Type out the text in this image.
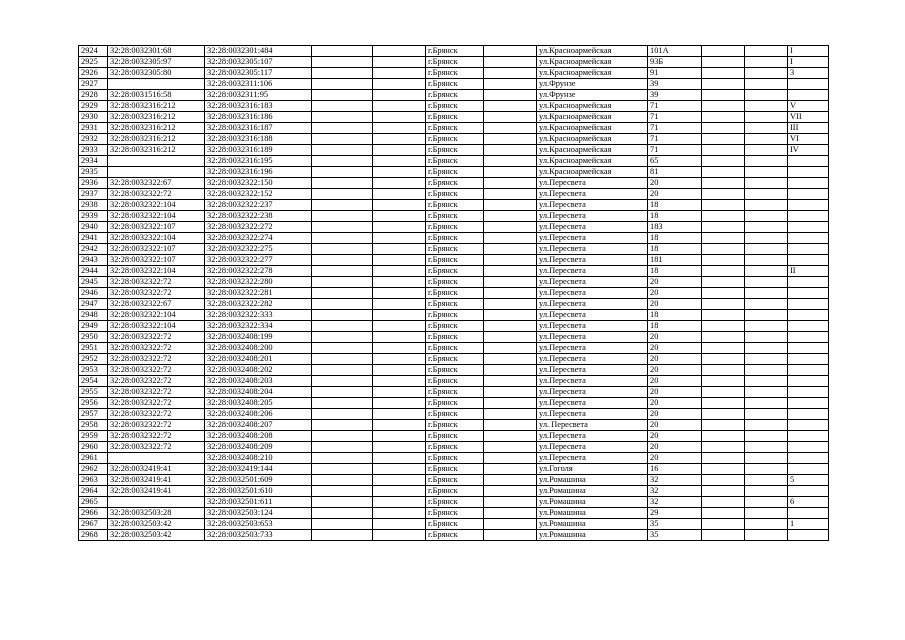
2924	32:28:0032301:68	32:28:0032301:484			г.Брянск		ул.Красноармейская	101А			I
2925	32:28:0032305:97	32:28:0032305:107			г.Брянск		ул.Красноармейская	93Б			I
2926	32:28:0032305:80	32:28:0032305:117			г.Брянск		ул.Красноармейская	91			3
2927		32:28:0032311:106			г.Брянск		ул.Фрунзе	39			
2928	32:28:0031516:58	32:28:0032311:95			г.Брянск		ул.Фрунзе	39			
2929	32:28:0032316:212	32:28:0032316:183			г.Брянск		ул.Красноармейская	71			V
2930	32:28:0032316:212	32:28:0032316:186			г.Брянск		ул.Красноармейская	71			VII
2931	32:28:0032316:212	32:28:0032316:187			г.Брянск		ул.Красноармейская	71			III
2932	32:28:0032316:212	32:28:0032316:188			г.Брянск		ул.Красноармейская	71			VI
2933	32:28:0032316:212	32:28:0032316:189			г.Брянск		ул.Красноармейская	71			IV
2934		32:28:0032316:195			г.Брянск		ул.Красноармейская	65			
2935		32:28:0032316:196			г.Брянск		ул.Красноармейская	81			
2936	32:28:0032322:67	32:28:0032322:150			г.Брянск		ул.Пересвета	20			
2937	32:28:0032322:72	32:28:0032322:152			г.Брянск		ул.Пересвета	20			
2938	32:28:0032322:104	32:28:0032322:237			г.Брянск		ул.Пересвета	18			
2939	32:28:0032322:104	32:28:0032322:238			г.Брянск		ул.Пересвета	18			
2940	32:28:0032322:107	32:28:0032322:272			г.Брянск		ул.Пересвета	183			
2941	32:28:0032322:104	32:28:0032322:274			г.Брянск		ул.Пересвета	18			
2942	32:28:0032322:107	32:28:0032322:275			г.Брянск		ул.Пересвета	18			
2943	32:28:0032322:107	32:28:0032322:277			г.Брянск		ул.Пересвета	181			
2944	32:28:0032322:104	32:28:0032322:278			г.Брянск		ул.Пересвета	18			II
2945	32:28:0032322:72	32:28:0032322:280			г.Брянск		ул.Пересвета	20			
2946	32:28:0032322:72	32:28:0032322:281			г.Брянск		ул.Пересвета	20			
2947	32:28:0032322:67	32:28:0032322:282			г.Брянск		ул.Пересвета	20			
2948	32:28:0032322:104	32:28:0032322:333			г.Брянск		ул.Пересвета	18			
2949	32:28:0032322:104	32:28:0032322:334			г.Брянск		ул.Пересвета	18			
2950	32:28:0032322:72	32:28:0032408:199			г.Брянск		ул.Пересвета	20			
2951	32:28:0032322:72	32:28:0032408:200			г.Брянск		ул.Пересвета	20			
2952	32:28:0032322:72	32:28:0032408:201			г.Брянск		ул.Пересвета	20			
2953	32:28:0032322:72	32:28:0032408:202			г.Брянск		ул.Пересвета	20			
2954	32:28:0032322:72	32:28:0032408:203			г.Брянск		ул.Пересвета	20			
2955	32:28:0032322:72	32:28:0032408:204			г.Брянск		ул.Пересвета	20			
2956	32:28:0032322:72	32:28:0032408:205			г.Брянск		ул.Пересвета	20			
2957	32:28:0032322:72	32:28:0032408:206			г.Брянск		ул.Пересвета	20			
2958	32:28:0032322:72	32:28:0032408:207			г.Брянск		ул. Пересвета	20			
2959	32:28:0032322:72	32:28:0032408:208			г.Брянск		ул.Пересвета	20			
2960	32:28:0032322:72	32:28:0032408:209			г.Брянск		ул.Пересвета	20			
2961		32:28:0032408:210			г.Брянск		ул.Пересвета	20			
2962	32:28:0032419:41	32:28:0032419:144			г.Брянск		ул.Гоголя	16			
2963	32:28:0032419:41	32:28:0032501:609			г.Брянск		ул.Ромашина	32			5
2964	32:28:0032419:41	32:28:0032501:610			г.Брянск		ул.Ромашина	32			
2965		32:28:0032501:611			г.Брянск		ул.Ромашина	32			6
2966	32:28:0032503:28	32:28:0032503:124			г.Брянск		ул.Ромашина	29			
2967	32:28:0032503:42	32:28:0032503:653			г.Брянск		ул.Ромашина	35			1
2968	32:28:0032503:42	32:28:0032503:733			г.Брянск		ул.Ромашина	35			
